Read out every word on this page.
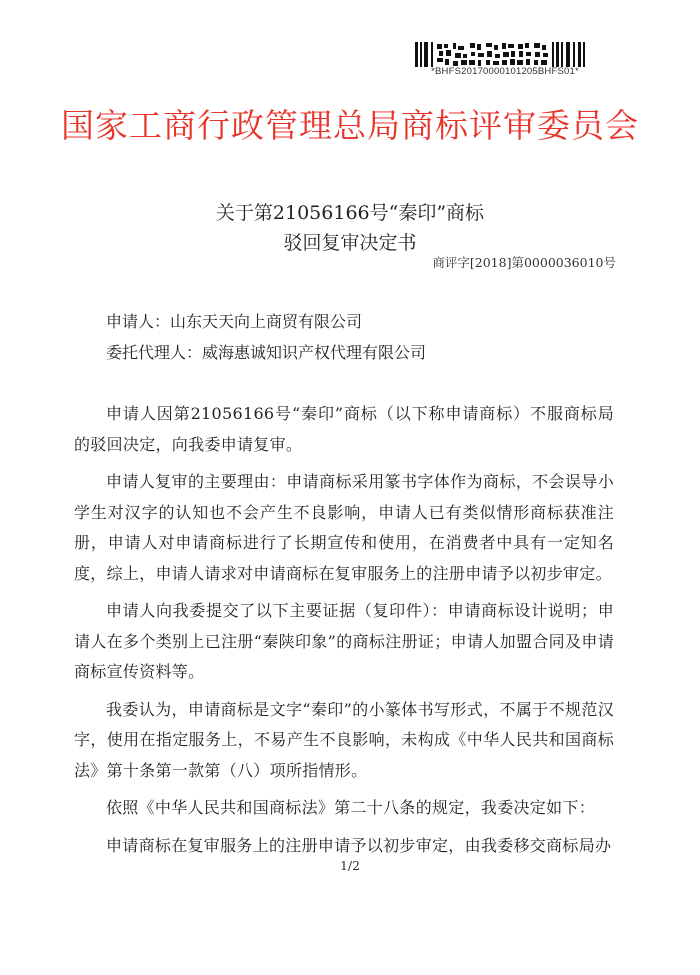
*BHFS20170000101205BHFS01*
国家工商行政管理总局商标评审委员会
关于第21056166号“秦印”商标
驳回复审决定书
商评字[2018]第0000036010号
申请人：山东天天向上商贸有限公司
委托代理人：威海惠诚知识产权代理有限公司

申请人因第21056166号“秦印”商标（以下称申请商标）不服商标局的驳回决定，向我委申请复审。

申请人复审的主要理由：申请商标采用篆书字体作为商标，不会误导小学生对汉字的认知也不会产生不良影响，申请人已有类似情形商标获准注册，申请人对申请商标进行了长期宣传和使用，在消费者中具有一定知名度，综上，申请人请求对申请商标在复审服务上的注册申请予以初步审定。

申请人向我委提交了以下主要证据（复印件）：申请商标设计说明；申请人在多个类别上已注册“秦陕印象”的商标注册证；申请人加盟合同及申请商标宣传资料等。

我委认为，申请商标是文字“秦印”的小篆体书写形式，不属于不规范汉字，使用在指定服务上，不易产生不良影响，未构成《中华人民共和国商标法》第十条第一款第（八）项所指情形。

依照《中华人民共和国商标法》第二十八条的规定，我委决定如下：

申请商标在复审服务上的注册申请予以初步审定，由我委移交商标局办

1/2
